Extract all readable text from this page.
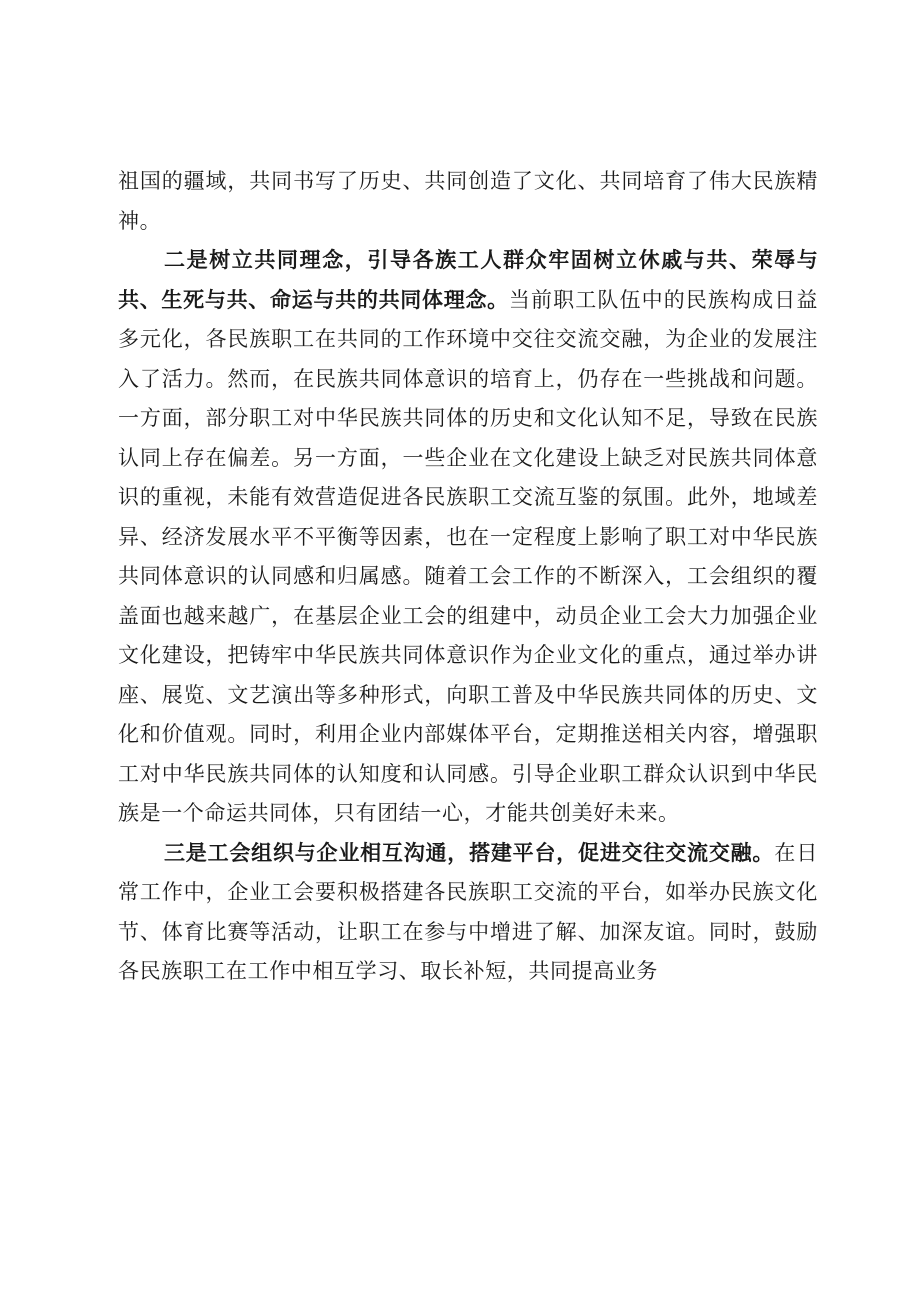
祖国的疆域，共同书写了历史、共同创造了文化、共同培育了伟大民族精神。

二是树立共同理念，引导各族工人群众牢固树立休戚与共、荣辱与共、生死与共、命运与共的共同体理念。当前职工队伍中的民族构成日益多元化，各民族职工在共同的工作环境中交往交流交融，为企业的发展注入了活力。然而，在民族共同体意识的培育上，仍存在一些挑战和问题。一方面，部分职工对中华民族共同体的历史和文化认知不足，导致在民族认同上存在偏差。另一方面，一些企业在文化建设上缺乏对民族共同体意识的重视，未能有效营造促进各民族职工交流互鉴的氛围。此外，地域差异、经济发展水平不平衡等因素，也在一定程度上影响了职工对中华民族共同体意识的认同感和归属感。随着工会工作的不断深入，工会组织的覆盖面也越来越广，在基层企业工会的组建中，动员企业工会大力加强企业文化建设，把铸牢中华民族共同体意识作为企业文化的重点，通过举办讲座、展览、文艺演出等多种形式，向职工普及中华民族共同体的历史、文化和价值观。同时，利用企业内部媒体平台，定期推送相关内容，增强职工对中华民族共同体的认知度和认同感。引导企业职工群众认识到中华民族是一个命运共同体，只有团结一心，才能共创美好未来。

三是工会组织与企业相互沟通，搭建平台，促进交往交流交融。在日常工作中，企业工会要积极搭建各民族职工交流的平台，如举办民族文化节、体育比赛等活动，让职工在参与中增进了解、加深友谊。同时，鼓励各民族职工在工作中相互学习、取长补短，共同提高业务
